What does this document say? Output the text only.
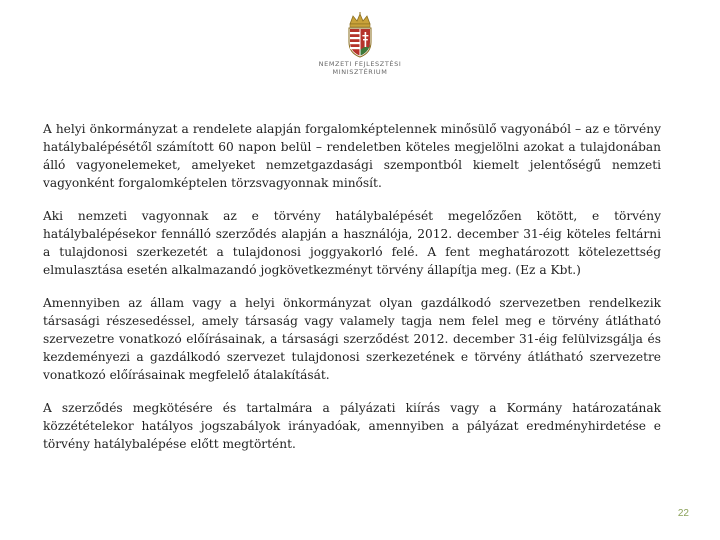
NEMZETI FEJLESZTÉSI
MINISZTÉRIUM

A helyi önkormányzat a rendelete alapján forgalomképtelennek minősülő vagyonából – az e törvény hatálybalépésétől számított 60 napon belül – rendeletben köteles megjelölni azokat a tulajdonában álló vagyonelemeket, amelyeket nemzetgazdasági szempontból kiemelt jelentőségű nemzeti vagyonként forgalomképtelen törzsvagyonnak minősít.

Aki nemzeti vagyonnak az e törvény hatálybalépését megelőzően kötött, e törvény hatálybalépésekor fennálló szerződés alapján a használója, 2012. december 31-éig köteles feltárni a tulajdonosi szerkezetét a tulajdonosi joggyakorló felé. A fent meghatározott kötelezettség elmulasztása esetén alkalmazandó jogkövetkezményt törvény állapítja meg. (Ez a Kbt.)

Amennyiben az állam vagy a helyi önkormányzat olyan gazdálkodó szervezetben rendelkezik társasági részesedéssel, amely társaság vagy valamely tagja nem felel meg e törvény átlátható szervezetre vonatkozó előírásainak, a társasági szerződést 2012. december 31-éig felülvizsgálja és kezdeményezi a gazdálkodó szervezet tulajdonosi szerkezetének e törvény átlátható szervezetre vonatkozó előírásainak megfelelő átalakítását.

A szerződés megkötésére és tartalmára a pályázati kiírás vagy a Kormány határozatának közzétételekor hatályos jogszabályok irányadóak, amennyiben a pályázat eredményhirdetése e törvény hatálybalépése előtt megtörtént.

22
